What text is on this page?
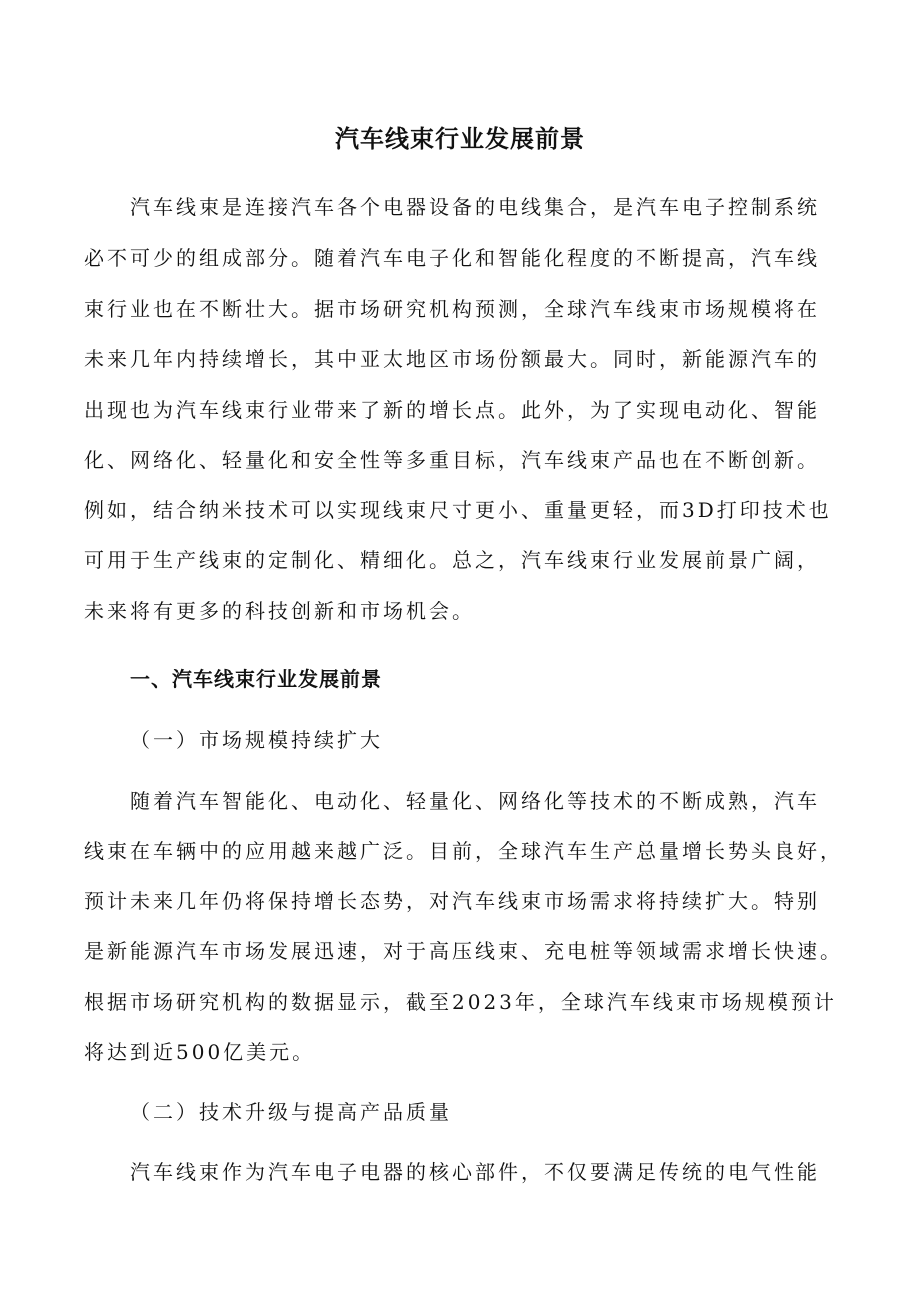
汽车线束行业发展前景
汽车线束是连接汽车各个电器设备的电线集合，是汽车电子控制系统
必不可少的组成部分。随着汽车电子化和智能化程度的不断提高，汽车线
束行业也在不断壮大。据市场研究机构预测，全球汽车线束市场规模将在
未来几年内持续增长，其中亚太地区市场份额最大。同时，新能源汽车的
出现也为汽车线束行业带来了新的增长点。此外，为了实现电动化、智能
化、网络化、轻量化和安全性等多重目标，汽车线束产品也在不断创新。
例如，结合纳米技术可以实现线束尺寸更小、重量更轻，而3D打印技术也
可用于生产线束的定制化、精细化。总之，汽车线束行业发展前景广阔，
未来将有更多的科技创新和市场机会。
一、汽车线束行业发展前景
（一）市场规模持续扩大
随着汽车智能化、电动化、轻量化、网络化等技术的不断成熟，汽车
线束在车辆中的应用越来越广泛。目前，全球汽车生产总量增长势头良好，
预计未来几年仍将保持增长态势，对汽车线束市场需求将持续扩大。特别
是新能源汽车市场发展迅速，对于高压线束、充电桩等领域需求增长快速。
根据市场研究机构的数据显示，截至2023年，全球汽车线束市场规模预计
将达到近500亿美元。
（二）技术升级与提高产品质量
汽车线束作为汽车电子电器的核心部件，不仅要满足传统的电气性能
